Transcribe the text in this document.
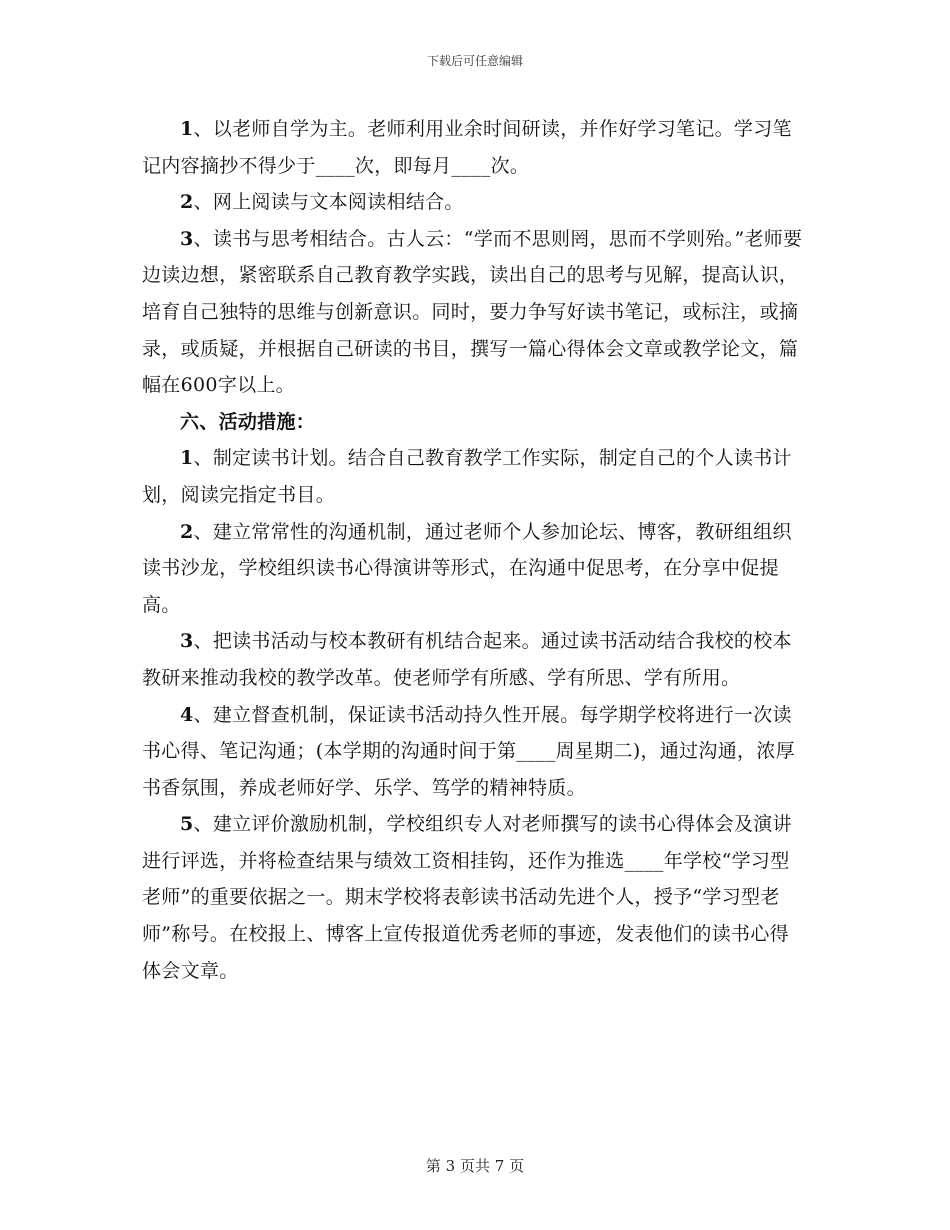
下载后可任意编辑

1、以老师自学为主。老师利用业余时间研读，并作好学习笔记。学习笔记内容摘抄不得少于____次，即每月____次。

2、网上阅读与文本阅读相结合。

3、读书与思考相结合。古人云：“学而不思则罔，思而不学则殆。”老师要边读边想，紧密联系自己教育教学实践，读出自己的思考与见解，提高认识，培育自己独特的思维与创新意识。同时，要力争写好读书笔记，或标注，或摘录，或质疑，并根据自己研读的书目，撰写一篇心得体会文章或教学论文，篇幅在600字以上。

六、活动措施：

1、制定读书计划。结合自己教育教学工作实际，制定自己的个人读书计划，阅读完指定书目。

2、建立常常性的沟通机制，通过老师个人参加论坛、博客，教研组组织读书沙龙，学校组织读书心得演讲等形式，在沟通中促思考，在分享中促提高。

3、把读书活动与校本教研有机结合起来。通过读书活动结合我校的校本教研来推动我校的教学改革。使老师学有所感、学有所思、学有所用。

4、建立督查机制，保证读书活动持久性开展。每学期学校将进行一次读书心得、笔记沟通；(本学期的沟通时间于第____周星期二)，通过沟通，浓厚书香氛围，养成老师好学、乐学、笃学的精神特质。

5、建立评价激励机制，学校组织专人对老师撰写的读书心得体会及演讲进行评选，并将检查结果与绩效工资相挂钩，还作为推选____年学校“学习型老师”的重要依据之一。期末学校将表彰读书活动先进个人，授予“学习型老师”称号。在校报上、博客上宣传报道优秀老师的事迹，发表他们的读书心得体会文章。

第 3 页共 7 页
